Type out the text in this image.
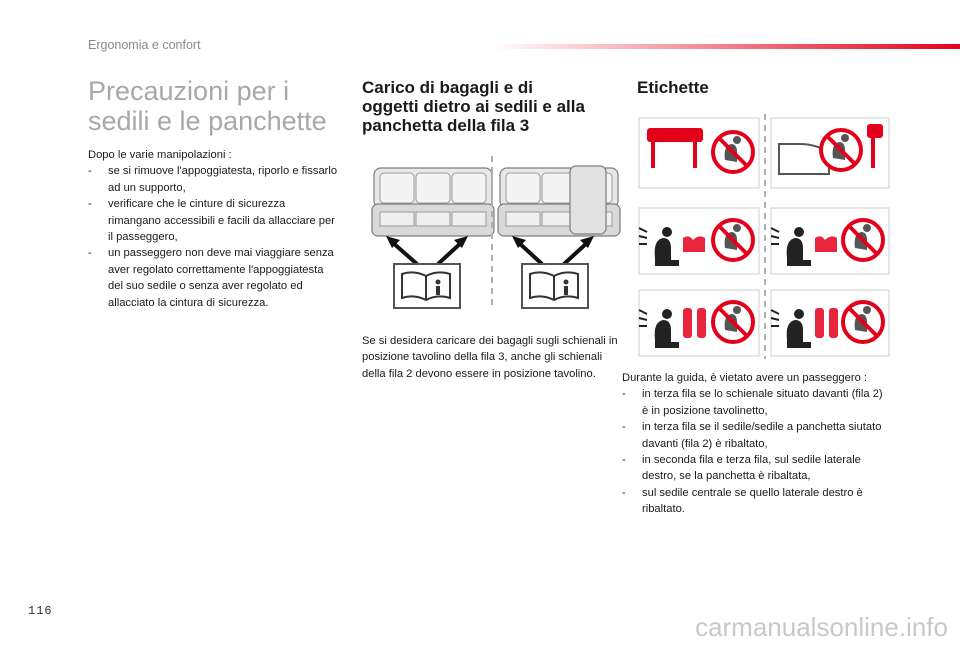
Ergonomia e confort
Precauzioni per i
sedili e le panchette

Dopo le varie manipolazioni :

- se si rimuove l'appoggiatesta, riporlo e fissarlo ad un supporto,

- verificare che le cinture di sicurezza rimangano accessibili e facili da allacciare per il passeggero,

- un passeggero non deve mai viaggiare senza aver regolato correttamente l'appoggiatesta del suo sedile o senza aver regolato ed allacciato la cintura di sicurezza.

Carico di bagagli e di
oggetti dietro ai sedili e alla
panchetta della fila 3

Se si desidera caricare dei bagagli sugli schienali in posizione tavolino della fila 3, anche gli schienali della fila 2 devono essere in posizione tavolino.

Etichette

Durante la guida, è vietato avere un passeggero :

- in terza fila se lo schienale situato davanti (fila 2) è in posizione tavolinetto,

- in terza fila se il sedile/sedile a panchetta siutato davanti (fila 2) è ribaltato,

- in seconda fila e terza fila, sul sedile laterale destro, se la panchetta è ribaltata,

- sul sedile centrale se quello laterale destro è ribaltato.

116
carmanualsonline.info
